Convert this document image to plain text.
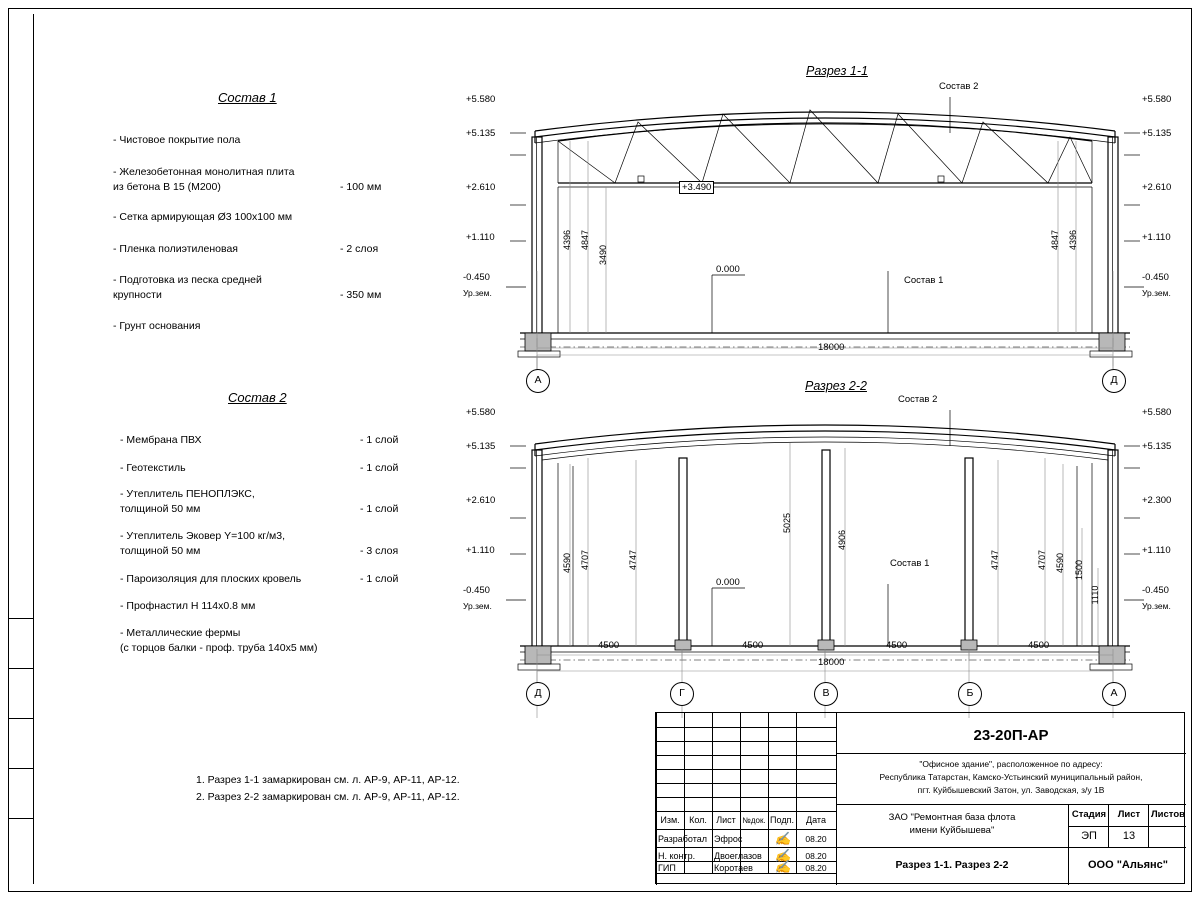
Состав 1
- Чистовое покрытие пола
- Железобетонная монолитная плита
из бетона В 15 (М200)	- 100 мм
- Сетка армирующая Ø3 100х100 мм
- Пленка полиэтиленовая	- 2 слоя
- Подготовка из песка средней
крупности	- 350 мм
- Грунт основания
Состав 2
- Мембрана ПВХ	- 1 слой
- Геотекстиль	- 1 слой
- Утеплитель ПЕНОПЛЭКС,
толщиной 50 мм	- 1 слой
- Утеплитель Эковер Y=100 кг/м3,
толщиной 50 мм	- 3 слоя
- Пароизоляция для плоских кровель	- 1 слой
- Профнастил Н 114х0.8 мм
- Металлические фермы
(с торцов балки - проф. труба 140х5 мм)
1. Разрез 1-1 замаркирован см. л. АР-9, АР-11, АР-12.
2. Разрез 2-2 замаркирован см. л. АР-9, АР-11, АР-12.
Разрез 1-1
4396 4847
3490
4847 4396
+5.580
+5.135
+2.610
+1.110
-0.450
Ур.зем.
+5.580
+5.135
+2.610
+1.110
-0.450
Ур.зем.
+3.490
0.000
Состав 2
Состав 1
18000
А	Д
Разрез 2-2
4590 4707	4747
5025
4906
4747	4707 4590 1500
1110
+5.580
+5.135
+2.610
+1.110
-0.450
Ур.зем.
+5.580
+5.135
+2.300
+1.110
-0.450
Ур.зем.
0.000
Состав 2
Состав 1
4500	4500	4500	4500
18000
Д	Г	В	Б	А
Изм.	Кол.	Лист №док. Подп.	Дата
Разработал Эфрос	08.20
Н. контр.	Двоеглазов	08.20
ГИП	Коротаев	08.20
✍
✍
✍
23-20П-АР
"Офисное здание", расположенное по адресу:
Республика Татарстан, Камско-Устьинский муниципальный район,
пгт. Куйбышевский Затон, ул. Заводская, з/у 1В
ЗАО "Ремонтная база флота
имени Куйбышева"
Стадия	Лист	Листов
ЭП	13
Разрез 1-1. Разрез 2-2	ООО "Альянс"
